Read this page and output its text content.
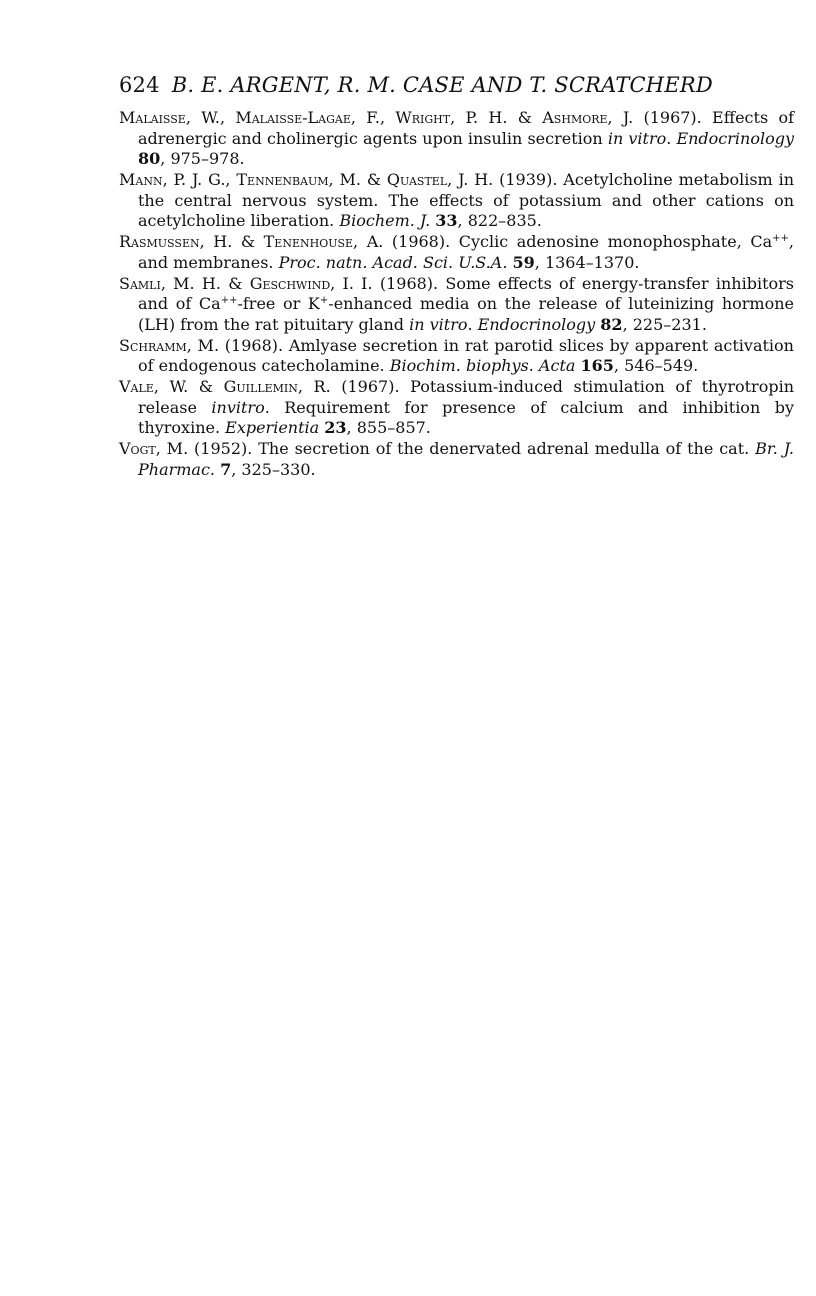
624 B. E. ARGENT, R. M. CASE AND T. SCRATCHERD
Malaisse, W., Malaisse-Lagae, F., Wright, P. H. & Ashmore, J. (1967). Effects of adrenergic and cholinergic agents upon insulin secretion in vitro. Endocrinology 80, 975–978.
Mann, P. J. G., Tennenbaum, M. & Quastel, J. H. (1939). Acetylcholine metabolism in the central nervous system. The effects of potassium and other cations on acetylcholine liberation. Biochem. J. 33, 822–835.
Rasmussen, H. & Tenenhouse, A. (1968). Cyclic adenosine monophosphate, Ca++, and membranes. Proc. natn. Acad. Sci. U.S.A. 59, 1364–1370.
Samli, M. H. & Geschwind, I. I. (1968). Some effects of energy-transfer inhibitors and of Ca++-free or K+-enhanced media on the release of luteinizing hormone (LH) from the rat pituitary gland in vitro. Endocrinology 82, 225–231.
Schramm, M. (1968). Amlyase secretion in rat parotid slices by apparent activation of endogenous catecholamine. Biochim. biophys. Acta 165, 546–549.
Vale, W. & Guillemin, R. (1967). Potassium-induced stimulation of thyrotropin release invitro. Requirement for presence of calcium and inhibition by thyroxine. Experientia 23, 855–857.
Vogt, M. (1952). The secretion of the denervated adrenal medulla of the cat. Br. J. Pharmac. 7, 325–330.
